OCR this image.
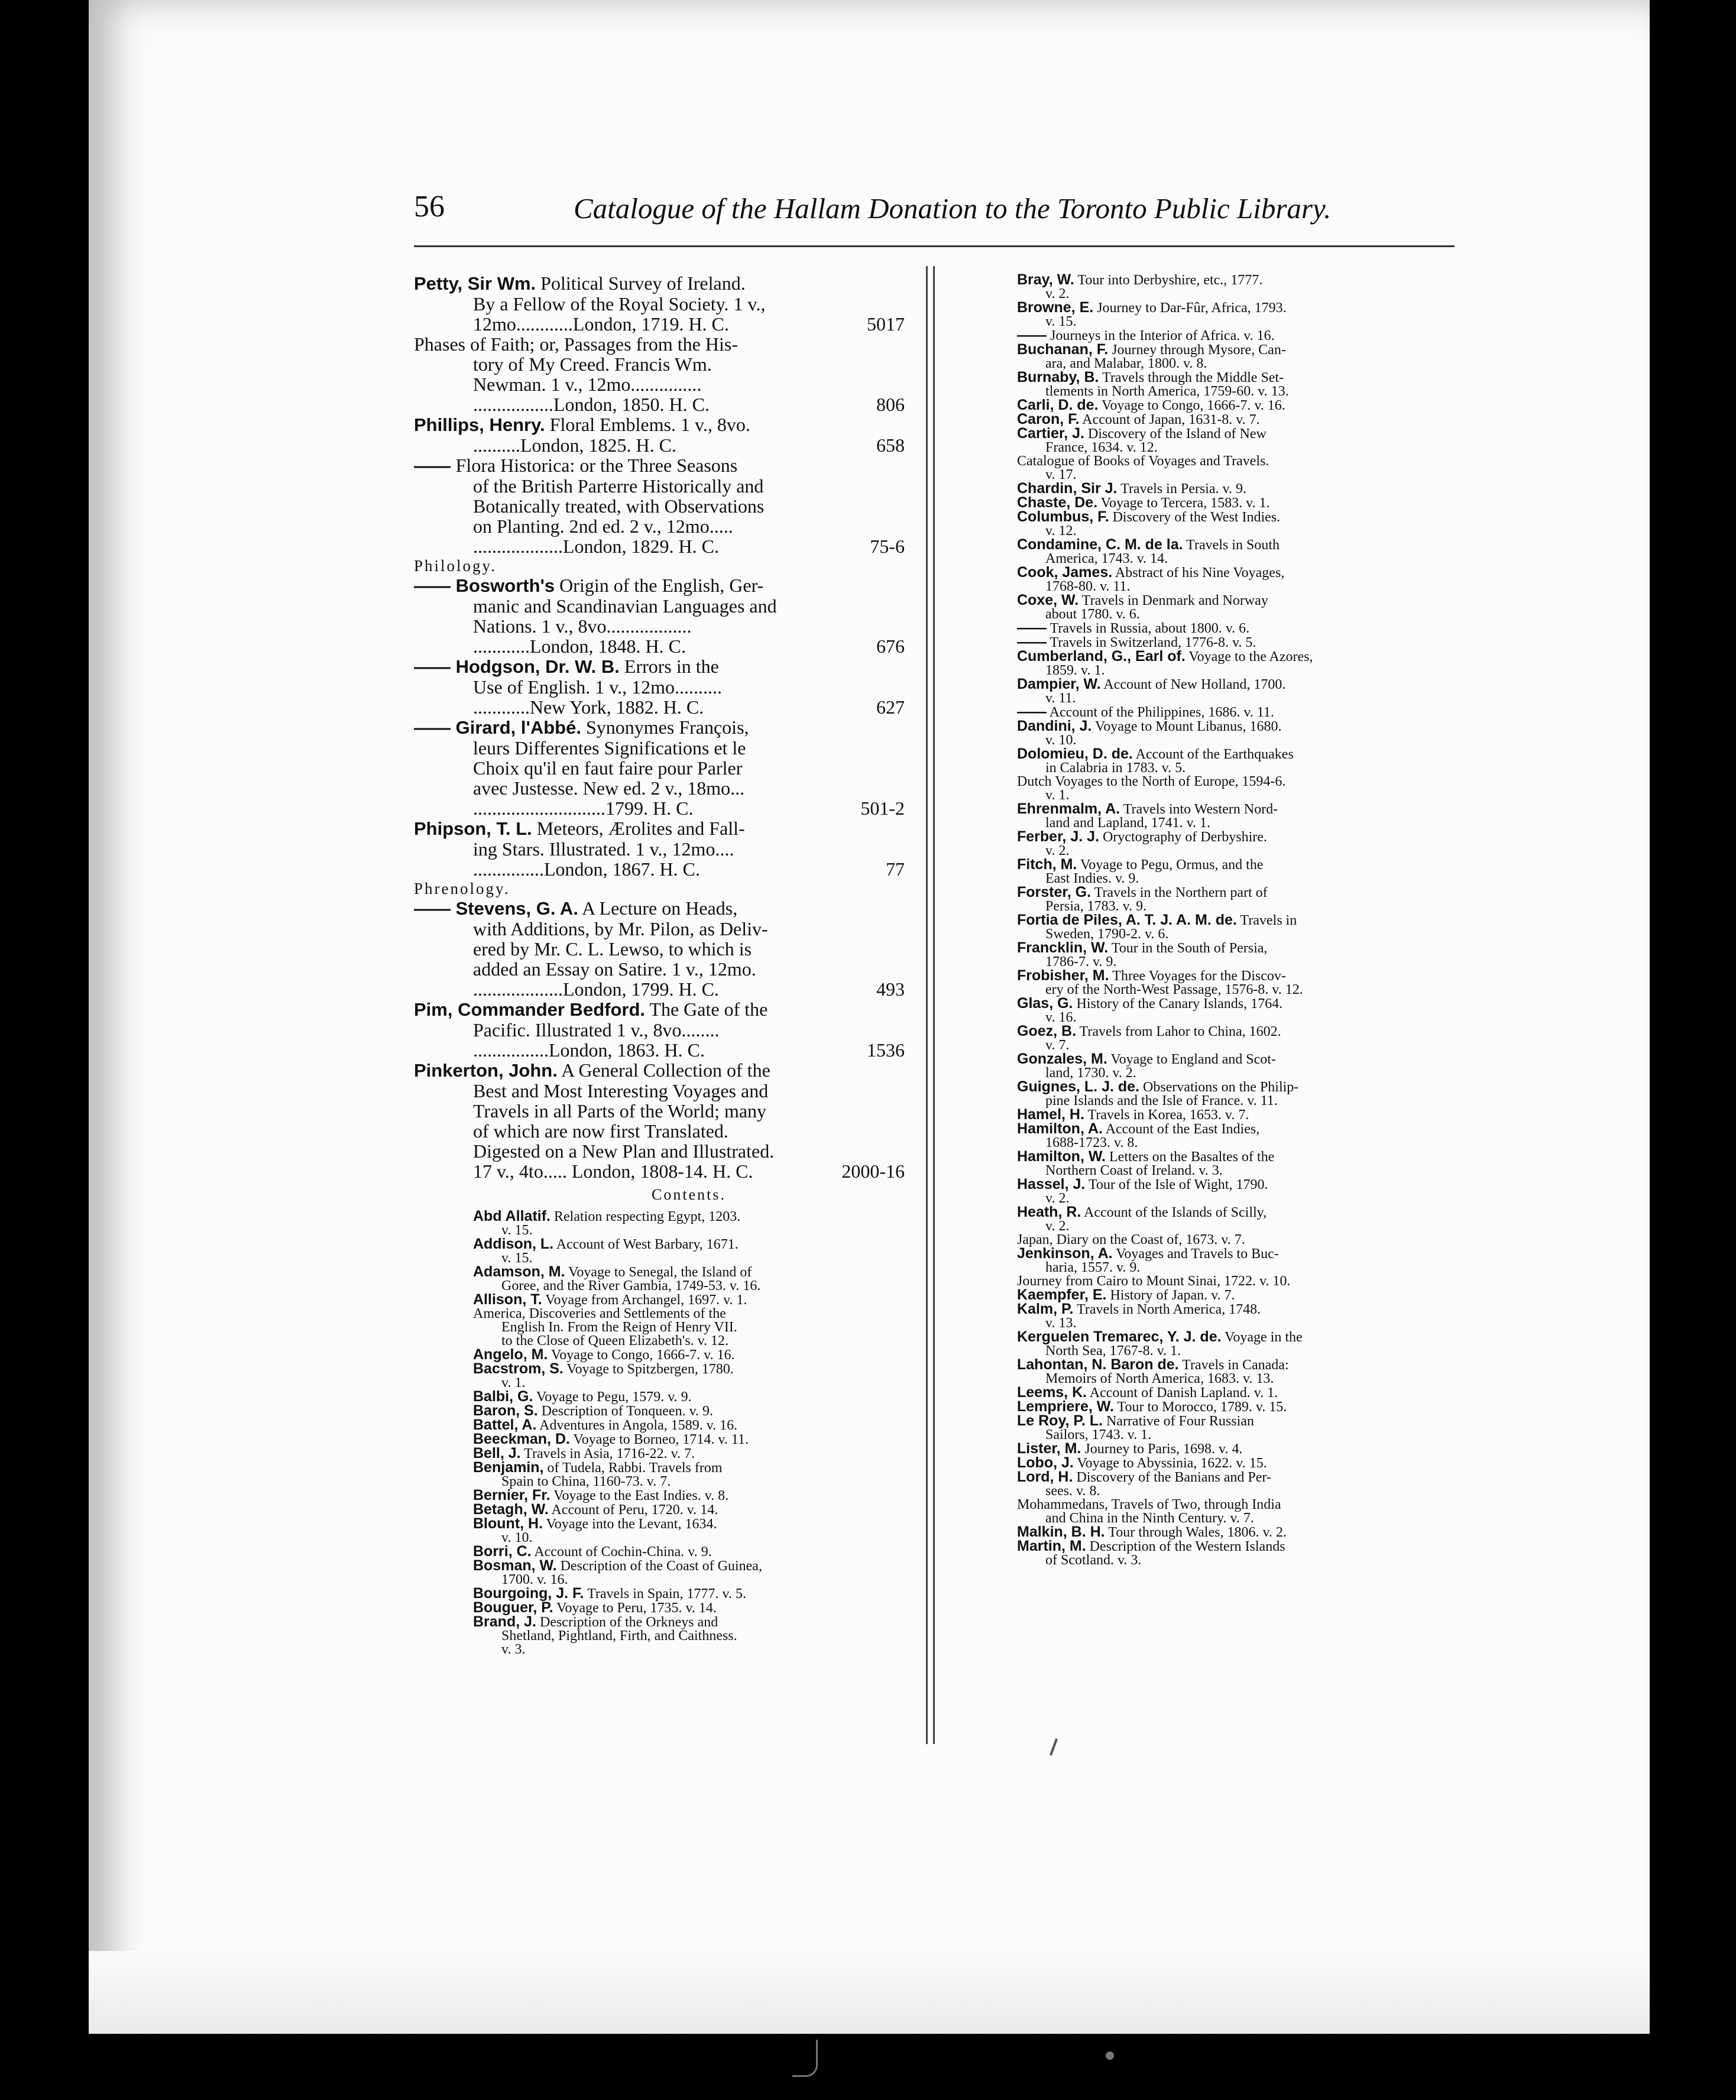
56	Catalogue of the Hallam Donation to the Toronto Public Library.
Petty, Sir Wm. Political Survey of Ireland.
By a Fellow of the Royal Society. 1 v.,
12mo............London, 1719. H. C.	5017
Phases of Faith; or, Passages from the His-
tory of My Creed. Francis Wm.
Newman. 1 v., 12mo...............
.................London, 1850. H. C.	806
Phillips, Henry. Floral Emblems. 1 v., 8vo.
..........London, 1825. H. C.	658
—— Flora Historica: or the Three Seasons
of the British Parterre Historically and
Botanically treated, with Observations
on Planting. 2nd ed. 2 v., 12mo.....
...................London, 1829. H. C.	75-6
Philology.
—— Bosworth's Origin of the English, Ger-
manic and Scandinavian Languages and
Nations. 1 v., 8vo..................
............London, 1848. H. C.	676
—— Hodgson, Dr. W. B. Errors in the
Use of English. 1 v., 12mo..........
............New York, 1882. H. C.	627
—— Girard, l'Abbé. Synonymes François,
leurs Differentes Significations et le
Choix qu'il en faut faire pour Parler
avec Justesse. New ed. 2 v., 18mo...
............................1799. H. C.	501-2
Phipson, T. L. Meteors, Ærolites and Fall-
ing Stars. Illustrated. 1 v., 12mo....
...............London, 1867. H. C.	77
Phrenology.
—— Stevens, G. A. A Lecture on Heads,
with Additions, by Mr. Pilon, as Deliv-
ered by Mr. C. L. Lewso, to which is
added an Essay on Satire. 1 v., 12mo.
...................London, 1799. H. C.	493
Pim, Commander Bedford. The Gate of the
Pacific. Illustrated 1 v., 8vo........
................London, 1863. H. C.	1536
Pinkerton, John. A General Collection of the
Best and Most Interesting Voyages and
Travels in all Parts of the World; many
of which are now first Translated.
Digested on a New Plan and Illustrated.
17 v., 4to..... London, 1808-14. H. C.	2000-16
Contents.
Abd Allatif. Relation respecting Egypt, 1203.
v. 15.
Addison, L. Account of West Barbary, 1671.
v. 15.
Adamson, M. Voyage to Senegal, the Island of
Goree, and the River Gambia, 1749-53. v. 16.
Allison, T. Voyage from Archangel, 1697. v. 1.
America, Discoveries and Settlements of the
English In. From the Reign of Henry VII.
to the Close of Queen Elizabeth's. v. 12.
Angelo, M. Voyage to Congo, 1666-7. v. 16.
Bacstrom, S. Voyage to Spitzbergen, 1780.
v. 1.
Balbi, G. Voyage to Pegu, 1579. v. 9.
Baron, S. Description of Tonqueen. v. 9.
Battel, A. Adventures in Angola, 1589. v. 16.
Beeckman, D. Voyage to Borneo, 1714. v. 11.
Bell, J. Travels in Asia, 1716-22. v. 7.
Benjamin, of Tudela, Rabbi. Travels from
Spain to China, 1160-73. v. 7.
Bernier, Fr. Voyage to the East Indies. v. 8.
Betagh, W. Account of Peru, 1720. v. 14.
Blount, H. Voyage into the Levant, 1634.
v. 10.
Borri, C. Account of Cochin-China. v. 9.
Bosman, W. Description of the Coast of Guinea,
1700. v. 16.
Bourgoing, J. F. Travels in Spain, 1777. v. 5.
Bouguer, P. Voyage to Peru, 1735. v. 14.
Brand, J. Description of the Orkneys and
Shetland, Pightland, Firth, and Caithness.
v. 3.
Bray, W. Tour into Derbyshire, etc., 1777.
v. 2.
Browne, E. Journey to Dar-Fûr, Africa, 1793.
v. 15.
—— Journeys in the Interior of Africa. v. 16.
Buchanan, F. Journey through Mysore, Can-
ara, and Malabar, 1800. v. 8.
Burnaby, B. Travels through the Middle Set-
tlements in North America, 1759-60. v. 13.
Carli, D. de. Voyage to Congo, 1666-7. v. 16.
Caron, F. Account of Japan, 1631-8. v. 7.
Cartier, J. Discovery of the Island of New
France, 1634. v. 12.
Catalogue of Books of Voyages and Travels.
v. 17.
Chardin, Sir J. Travels in Persia. v. 9.
Chaste, De. Voyage to Tercera, 1583. v. 1.
Columbus, F. Discovery of the West Indies.
v. 12.
Condamine, C. M. de la. Travels in South
America, 1743. v. 14.
Cook, James. Abstract of his Nine Voyages,
1768-80. v. 11.
Coxe, W. Travels in Denmark and Norway
about 1780. v. 6.
—— Travels in Russia, about 1800. v. 6.
—— Travels in Switzerland, 1776-8. v. 5.
Cumberland, G., Earl of. Voyage to the Azores,
1859. v. 1.
Dampier, W. Account of New Holland, 1700.
v. 11.
—— Account of the Philippines, 1686. v. 11.
Dandini, J. Voyage to Mount Libanus, 1680.
v. 10.
Dolomieu, D. de. Account of the Earthquakes
in Calabria in 1783. v. 5.
Dutch Voyages to the North of Europe, 1594-6.
v. 1.
Ehrenmalm, A. Travels into Western Nord-
land and Lapland, 1741. v. 1.
Ferber, J. J. Oryctography of Derbyshire.
v. 2.
Fitch, M. Voyage to Pegu, Ormus, and the
East Indies. v. 9.
Forster, G. Travels in the Northern part of
Persia, 1783. v. 9.
Fortia de Piles, A. T. J. A. M. de. Travels in
Sweden, 1790-2. v. 6.
Francklin, W. Tour in the South of Persia,
1786-7. v. 9.
Frobisher, M. Three Voyages for the Discov-
ery of the North-West Passage, 1576-8. v. 12.
Glas, G. History of the Canary Islands, 1764.
v. 16.
Goez, B. Travels from Lahor to China, 1602.
v. 7.
Gonzales, M. Voyage to England and Scot-
land, 1730. v. 2.
Guignes, L. J. de. Observations on the Philip-
pine Islands and the Isle of France. v. 11.
Hamel, H. Travels in Korea, 1653. v. 7.
Hamilton, A. Account of the East Indies,
1688-1723. v. 8.
Hamilton, W. Letters on the Basaltes of the
Northern Coast of Ireland. v. 3.
Hassel, J. Tour of the Isle of Wight, 1790.
v. 2.
Heath, R. Account of the Islands of Scilly,
v. 2.
Japan, Diary on the Coast of, 1673. v. 7.
Jenkinson, A. Voyages and Travels to Buc-
haria, 1557. v. 9.
Journey from Cairo to Mount Sinai, 1722. v. 10.
Kaempfer, E. History of Japan. v. 7.
Kalm, P. Travels in North America, 1748.
v. 13.
Kerguelen Tremarec, Y. J. de. Voyage in the
North Sea, 1767-8. v. 1.
Lahontan, N. Baron de. Travels in Canada:
Memoirs of North America, 1683. v. 13.
Leems, K. Account of Danish Lapland. v. 1.
Lempriere, W. Tour to Morocco, 1789. v. 15.
Le Roy, P. L. Narrative of Four Russian
Sailors, 1743. v. 1.
Lister, M. Journey to Paris, 1698. v. 4.
Lobo, J. Voyage to Abyssinia, 1622. v. 15.
Lord, H. Discovery of the Banians and Per-
sees. v. 8.
Mohammedans, Travels of Two, through India
and China in the Ninth Century. v. 7.
Malkin, B. H. Tour through Wales, 1806. v. 2.
Martin, M. Description of the Western Islands
of Scotland. v. 3.
